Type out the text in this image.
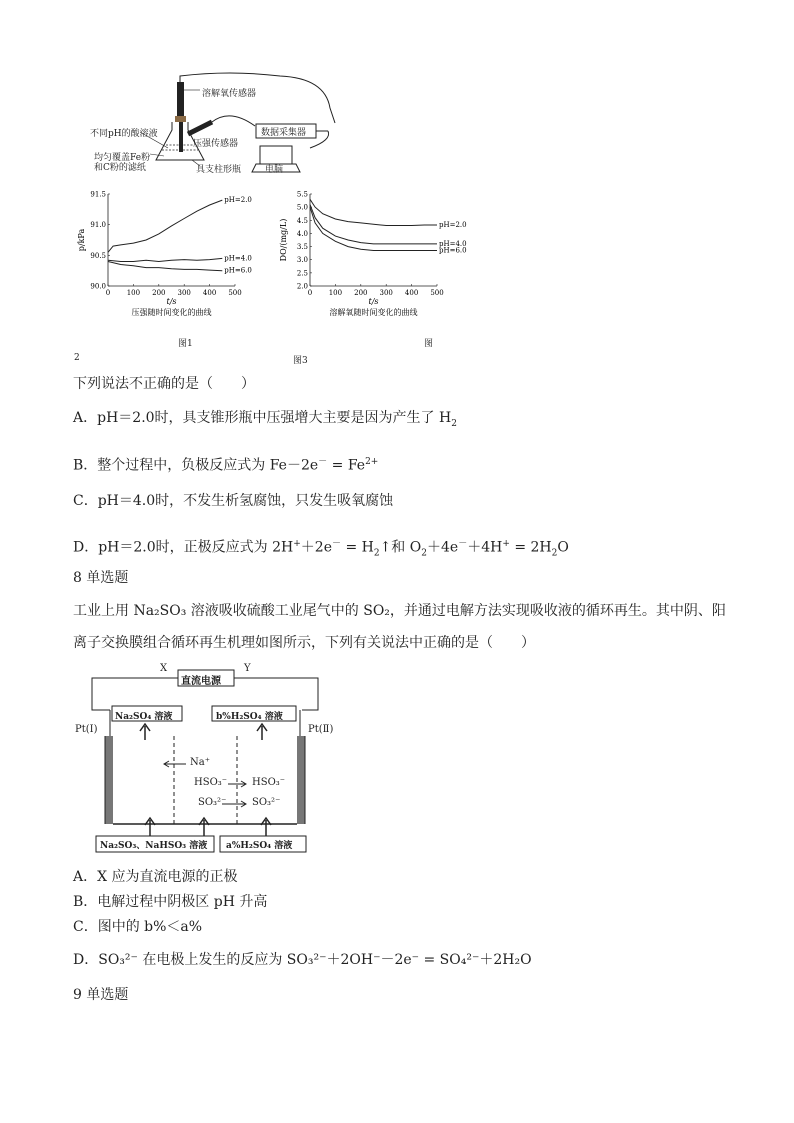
溶解氧传感器
压强传感器
数据采集器
不同pH的酸溶液
均匀覆盖Fe粉
和C粉的滤纸	具支柱形瓶	电脑
0 100 200 300 400 500
90.0
90.5
91.0
91.5
t/s
p/kPa
压强随时间变化的曲线
pH=2.0
pH=4.0
pH=6.0
0 100 200 300 400 500
2.0
2.5
3.0
3.5
4.0
4.5
5.0
5.5
t/s
DO/(mg/L)
溶解氧随时间变化的曲线
pH=2.0
pH=4.0
pH=6.0
图1	图
2	图3
下列说法不正确的是（　　）
A．pH＝2.0时，具支锥形瓶中压强增大主要是因为产生了 $H_2$
B．整个过程中，负极反应式为 $Fe-2e^- = Fe^{2+}$
C．pH＝4.0时，不发生析氢腐蚀，只发生吸氧腐蚀
D．pH＝2.0时，正极反应式为 $2H^++2e^- = H_2↑$和 $O_2+4e^-+4H^+ = 2H_2O$
8 单选题
工业上用 Na₂SO₃ 溶液吸收硫酸工业尾气中的 SO₂，并通过电解方法实现吸收液的循环再生。其中阴、阳
离子交换膜组合循环再生机理如图所示，下列有关说法中正确的是（　　）
X	Y
直流电源
Na₂SO₄ 溶液	b%H₂SO₄ 溶液
Pt(Ⅰ)	Pt(Ⅱ)
Na⁺
HSO₃⁻ HSO₃⁻
SO₃²⁻	SO₃²⁻
Na₂SO₃、NaHSO₃ 溶液 a%H₂SO₄ 溶液
A．X 应为直流电源的正极
B．电解过程中阴极区 pH 升高
C．图中的 b%＜a%
D．SO₃²⁻ 在电极上发生的反应为 SO₃²⁻＋2OH⁻－2e⁻ = SO₄²⁻＋2H₂O
9 单选题
